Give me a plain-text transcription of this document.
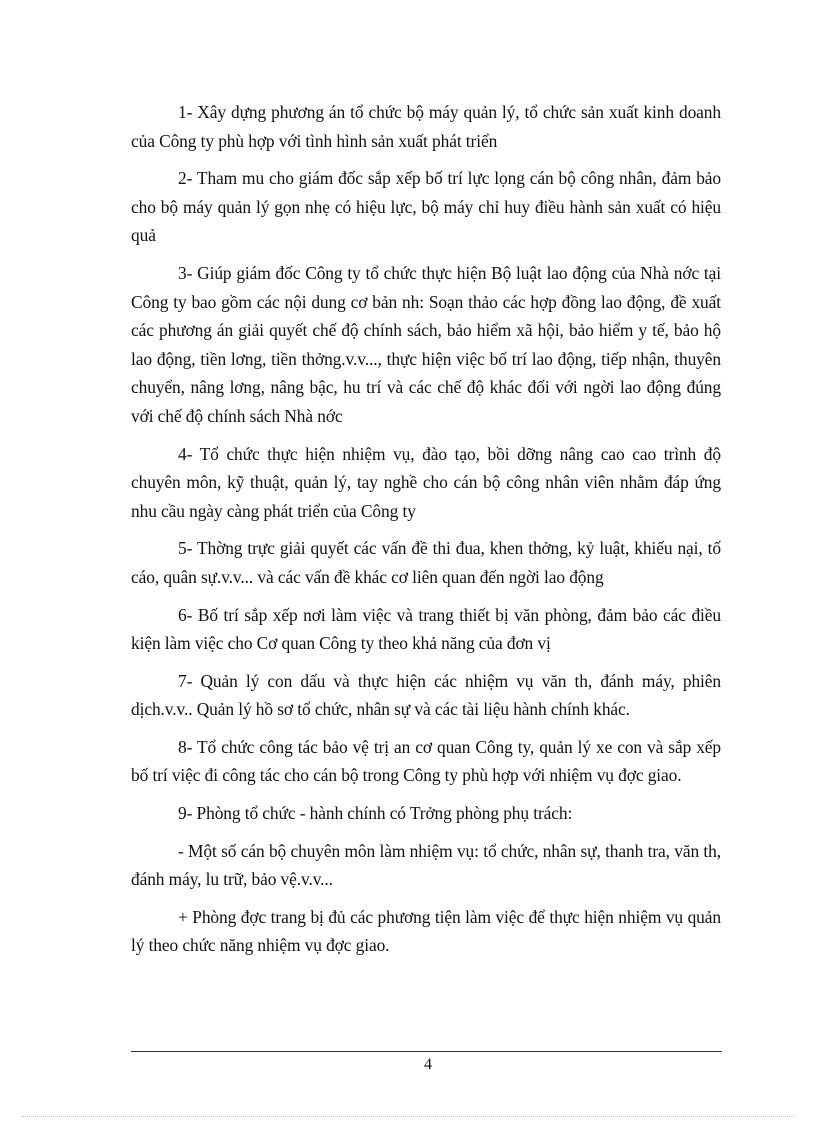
1- Xây dựng phương án tổ chức bộ máy quản lý, tổ chức sản xuất kinh doanh của Công ty phù hợp với tình hình sản xuất phát triển

2- Tham mu cho giám đốc sắp xếp bố trí lực lọng cán bộ công nhân, đảm bảo cho bộ máy quản lý gọn nhẹ có hiệu lực, bộ máy chỉ huy điều hành sản xuất có hiệu quả

3- Giúp giám đốc Công ty tổ chức thực hiện Bộ luật lao động của Nhà nớc tại Công ty bao gồm các nội dung cơ bản nh: Soạn thảo các hợp đồng lao động, đề xuất các phương án giải quyết chế độ chính sách, bảo hiểm xã hội, bảo hiểm y tế, bảo hộ lao động, tiền lơng, tiền thởng.v.v..., thực hiện việc bố trí lao động, tiếp nhận, thuyên chuyển, nâng lơng, nâng bậc, hu trí và các chế độ khác đối với ngời lao động đúng với chế độ chính sách Nhà nớc

4- Tổ chức thực hiện nhiệm vụ, đào tạo, bồi dỡng nâng cao cao trình độ chuyên môn, kỹ thuật, quản lý, tay nghề cho cán bộ công nhân viên nhằm đáp ứng nhu cầu ngày càng phát triển của Công ty

5- Thờng trực giải quyết các vấn đề thi đua, khen thởng, kỷ luật, khiếu nại, tố cáo, quân sự.v.v... và các vấn đề khác cơ liên quan đến ngời lao động

6- Bố trí sắp xếp nơi làm việc và trang thiết bị văn phòng, đảm bảo các điều kiện làm việc cho Cơ quan Công ty theo khả năng của đơn vị

7- Quản lý con dấu và thực hiện các nhiệm vụ văn th, đánh máy, phiên dịch.v.v.. Quản lý hồ sơ tổ chức, nhân sự và các tài liệu hành chính khác.

8- Tổ chức công tác bảo vệ trị an cơ quan Công ty, quản lý xe con và sắp xếp bố trí việc đi công tác cho cán bộ trong Công ty phù hợp với nhiệm vụ đợc giao.

9- Phòng tổ chức - hành chính có Trởng phòng phụ trách:

- Một số cán bộ chuyên môn làm nhiệm vụ: tổ chức, nhân sự, thanh tra, văn th, đánh máy, lu trữ, bảo vệ.v.v...

+ Phòng đợc trang bị đủ các phương tiện làm việc để thực hiện nhiệm vụ quản lý theo chức năng nhiệm vụ đợc giao.

4
